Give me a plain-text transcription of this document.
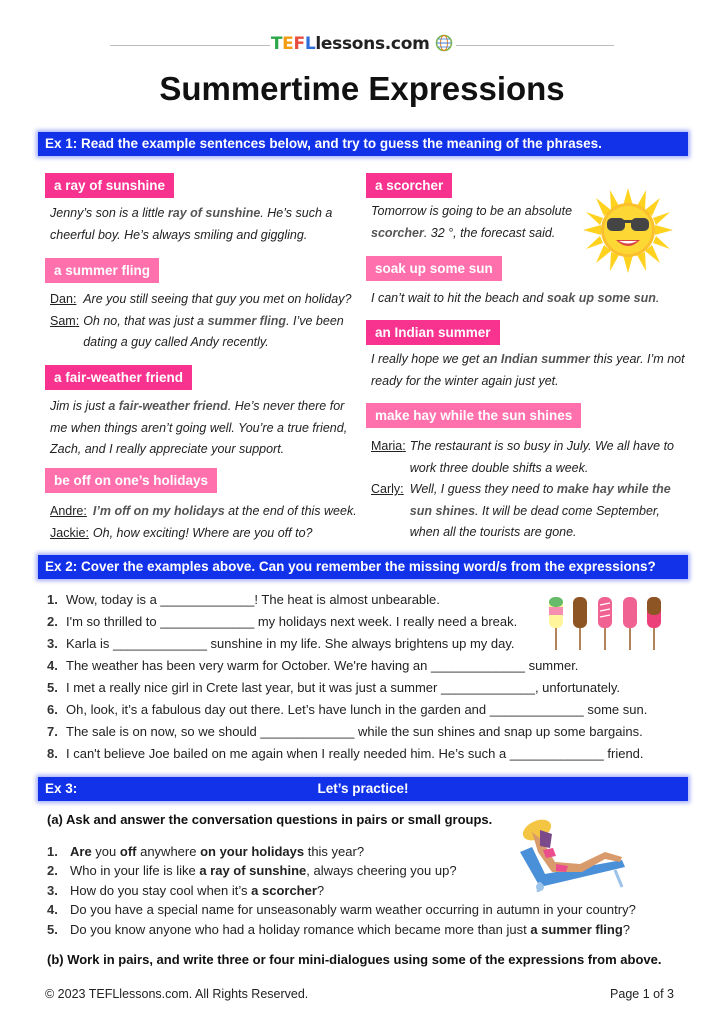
TEFLlessons.com
Summertime Expressions
Ex 1: Read the example sentences below, and try to guess the meaning of the phrases.
a ray of sunshine
Jenny’s son is a little ray of sunshine. He’s such a
cheerful boy. He’s always smiling and giggling.
a summer fling
Dan : Are you still seeing that guy you met on holiday?
Sam : Oh no, that was just a summer fling. I’ve been
dating a guy called Andy recently.
a fair-weather friend
Jim is just a fair-weather friend. He’s never there for
me when things aren’t going well. You’re a true friend,
Zach, and I really appreciate your support.
be off on one’s holidays
Andre : I’m off on my holidays at the end of this week.
Jackie : Oh, how exciting! Where are you off to?
a scorcher
Tomorrow is going to be an absolute
scorcher. 32 °, the forecast said.
soak up some sun
I can’t wait to hit the beach and soak up some sun.
an Indian summer
I really hope we get an Indian summer this year. I’m not
ready for the winter again just yet.
make hay while the sun shines
Maria : The restaurant is so busy in July. We all have to
work three double shifts a week.
Carly : Well, I guess they need to make hay while the
sun shines. It will be dead come September,
when all the tourists are gone.
Ex 2: Cover the examples above. Can you remember the missing word/s from the expressions?
1. Wow, today is a _____________! The heat is almost unbearable.
2. I'm so thrilled to _____________ my holidays next week. I really need a break.
3. Karla is _____________ sunshine in my life. She always brightens up my day.
4. The weather has been very warm for October. We're having an _____________ summer.
5. I met a really nice girl in Crete last year, but it was just a summer _____________, unfortunately.
6. Oh, look, it’s a fabulous day out there. Let’s have lunch in the garden and _____________ some sun.
7. The sale is on now, so we should _____________ while the sun shines and snap up some bargains.
8. I can't believe Joe bailed on me again when I really needed him. He’s such a _____________ friend.
Ex 3:	Let’s practice!
(a) Ask and answer the conversation questions in pairs or small groups.
1. Are you off anywhere on your holidays this year?
2. Who in your life is like a ray of sunshine, always cheering you up?
3. How do you stay cool when it’s a scorcher?
4. Do you have a special name for unseasonably warm weather occurring in autumn in your country?
5. Do you know anyone who had a holiday romance which became more than just a summer fling?
(b) Work in pairs, and write three or four mini-dialogues using some of the expressions from above.
© 2023 TEFLlessons.com. All Rights Reserved.	Page 1 of 3
